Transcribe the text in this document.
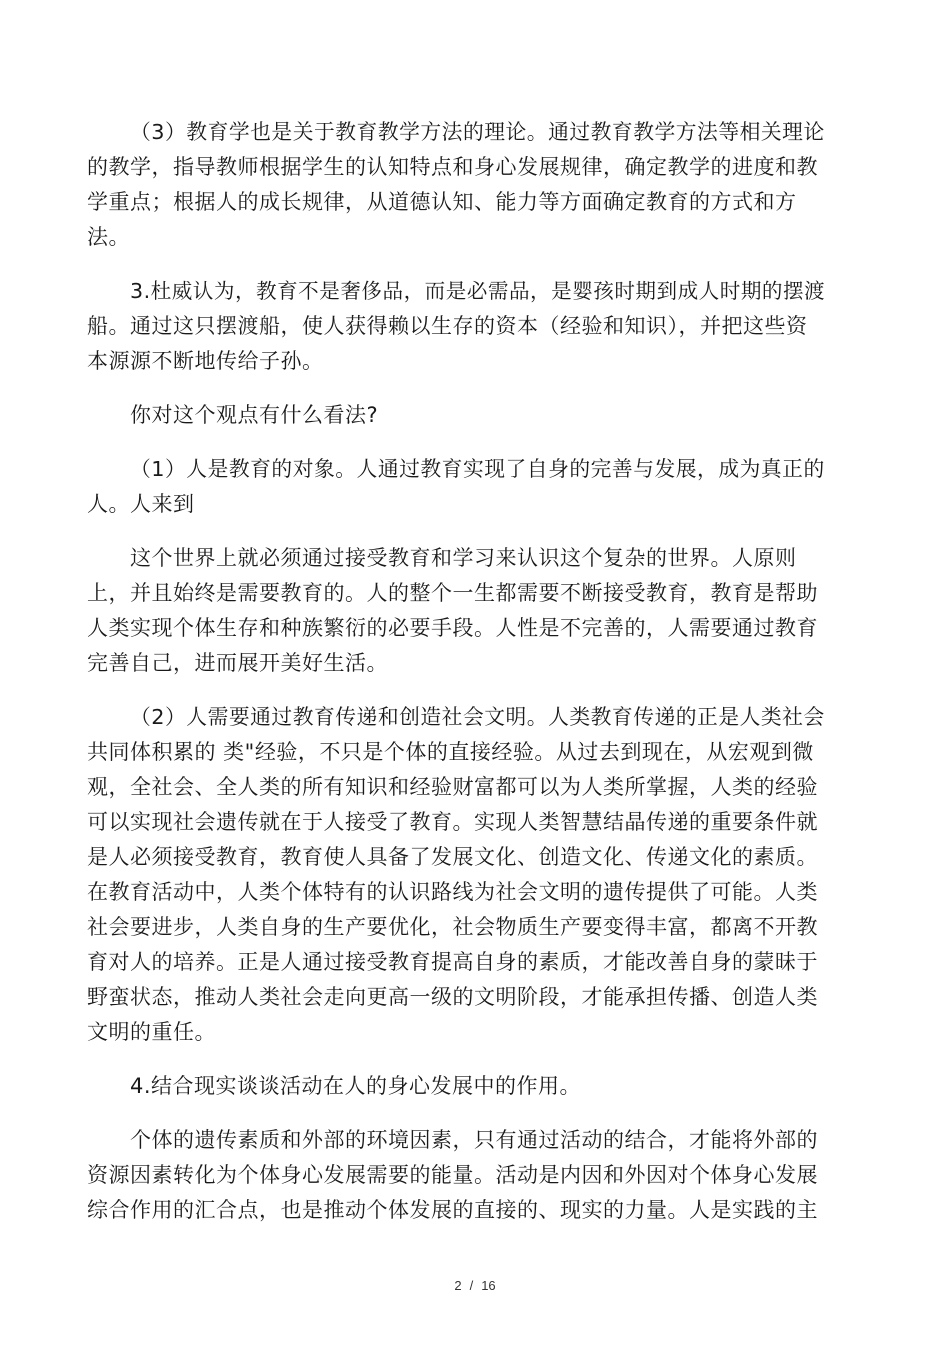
（3）教育学也是关于教育教学方法的理论。通过教育教学方法等相关理论
的教学，指导教师根据学生的认知特点和身心发展规律，确定教学的进度和教
学重点；根据人的成长规律，从道德认知、能力等方面确定教育的方式和方
法。
3.杜威认为，教育不是奢侈品，而是必需品，是婴孩时期到成人时期的摆渡
船。通过这只摆渡船，使人获得赖以生存的资本（经验和知识），并把这些资
本源源不断地传给子孙。
你对这个观点有什么看法?
（1）人是教育的对象。人通过教育实现了自身的完善与发展，成为真正的
人。人来到
这个世界上就必须通过接受教育和学习来认识这个复杂的世界。人原则
上，并且始终是需要教育的。人的整个一生都需要不断接受教育，教育是帮助
人类实现个体生存和种族繁衍的必要手段。人性是不完善的，人需要通过教育
完善自己，进而展开美好生活。
（2）人需要通过教育传递和创造社会文明。人类教育传递的正是人类社会
共同体积累的 类"经验，不只是个体的直接经验。从过去到现在，从宏观到微
观，全社会、全人类的所有知识和经验财富都可以为人类所掌握，人类的经验
可以实现社会遗传就在于人接受了教育。实现人类智慧结晶传递的重要条件就
是人必须接受教育，教育使人具备了发展文化、创造文化、传递文化的素质。
在教育活动中，人类个体特有的认识路线为社会文明的遗传提供了可能。人类
社会要进步，人类自身的生产要优化，社会物质生产要变得丰富，都离不开教
育对人的培养。正是人通过接受教育提高自身的素质，才能改善自身的蒙昧于
野蛮状态，推动人类社会走向更高一级的文明阶段，才能承担传播、创造人类
文明的重任。
4.结合现实谈谈活动在人的身心发展中的作用。
个体的遗传素质和外部的环境因素，只有通过活动的结合，才能将外部的
资源因素转化为个体身心发展需要的能量。活动是内因和外因对个体身心发展
综合作用的汇合点，也是推动个体发展的直接的、现实的力量。人是实践的主
2 / 16
